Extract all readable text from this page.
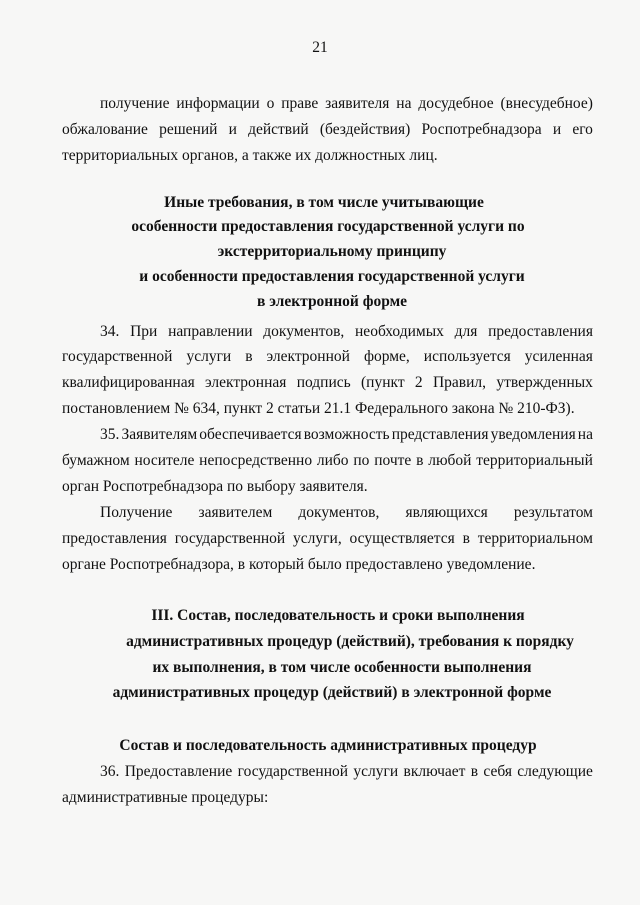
21
получение информации о праве заявителя на досудебное (внесудебное)
обжалование решений и действий (бездействия) Роспотребнадзора и его
территориальных органов, а также их должностных лиц.
Иные требования, в том числе учитывающие
особенности предоставления государственной услуги по
экстерриториальному принципу
и особенности предоставления государственной услуги
в электронной форме
34. При направлении документов, необходимых для предоставления
государственной услуги в электронной форме, используется усиленная
квалифицированная электронная подпись (пункт 2 Правил, утвержденных
постановлением № 634, пункт 2 статьи 21.1 Федерального закона № 210-ФЗ).
35. Заявителям обеспечивается возможность представления уведомления на
бумажном носителе непосредственно либо по почте в любой территориальный
орган Роспотребнадзора по выбору заявителя.
Получение заявителем документов, являющихся результатом
предоставления государственной услуги, осуществляется в территориальном
органе Роспотребнадзора, в который было предоставлено уведомление.
III. Состав, последовательность и сроки выполнения
административных процедур (действий), требования к порядку
их выполнения, в том числе особенности выполнения
административных процедур (действий) в электронной форме
Состав и последовательность административных процедур
36. Предоставление государственной услуги включает в себя следующие
административные процедуры:
